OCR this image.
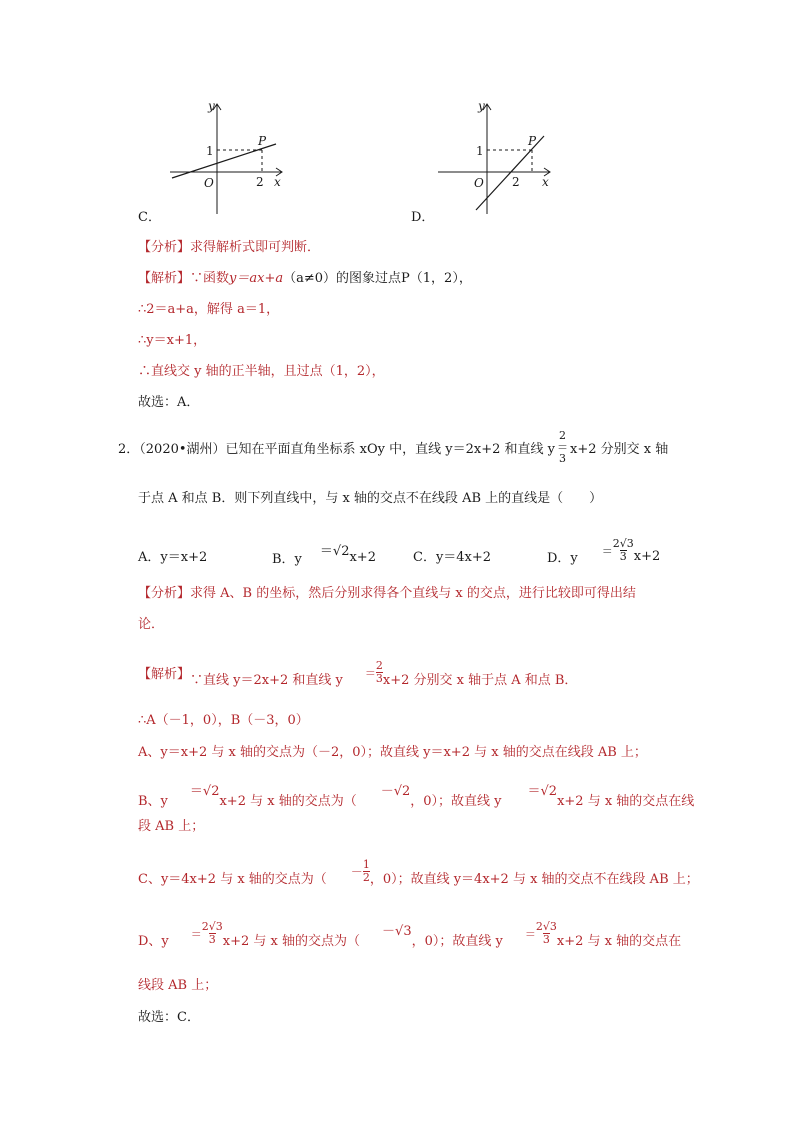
y
x
O
1
2
P
C．
y
x
O
1
2
P
D．
【分析】求得解析式即可判断．
【解析】∵函数y＝ax+a（a≠0）的图象过点P（1，2），
∴2＝a+a，解得 a＝1，
∴y＝x+1，
∴直线交 y 轴的正半轴，且过点（1，2），
故选：A．
2．（2020•湖州）已知在平面直角坐标系 xOy 中，直线 y＝2x+2 和直线 y
2
＝
3
x+2 分别交 x 轴
于点 A 和点 B．则下列直线中，与 x 轴的交点不在线段 AB 上的直线是（　　）
A．y＝x+2	B．y
＝√2 x+2	C．y＝4x+2	D．$y = \frac{2√3}{3} x+2$
【分析】求得 A、B 的坐标，然后分别求得各个直线与 x 的交点，进行比较即可得出结
论．
【解析】 ∵直线 y＝2x+2 和直线 $y = \frac{2}{3} x+2$ 分别交 x 轴于点 A 和点 B．
∴A（－1，0），B（－3，0）
A、y＝x+2 与 x 轴的交点为（－2，0）；故直线 y＝x+2 与 x 轴的交点在线段 AB 上；
B、y
＝√2
x+2 与 x 轴的交点为（
－√2
，0）；故直线 y
＝√2
x+2 与 x 轴的交点在线
段 AB 上；
C、y＝4x+2 与 x 轴的交点为（ － $\frac{1}{2}$ ，0）；故直线 y＝4x+2 与 x 轴的交点不在线段 AB 上；
D、$y = \frac{2√3}{3} x+2$ 与 x 轴的交点为（
－√3
，0）；故直线 $y = \frac{2√3}{3} x+2$ 与 x 轴的交点在
线段 AB 上；
故选：C．
